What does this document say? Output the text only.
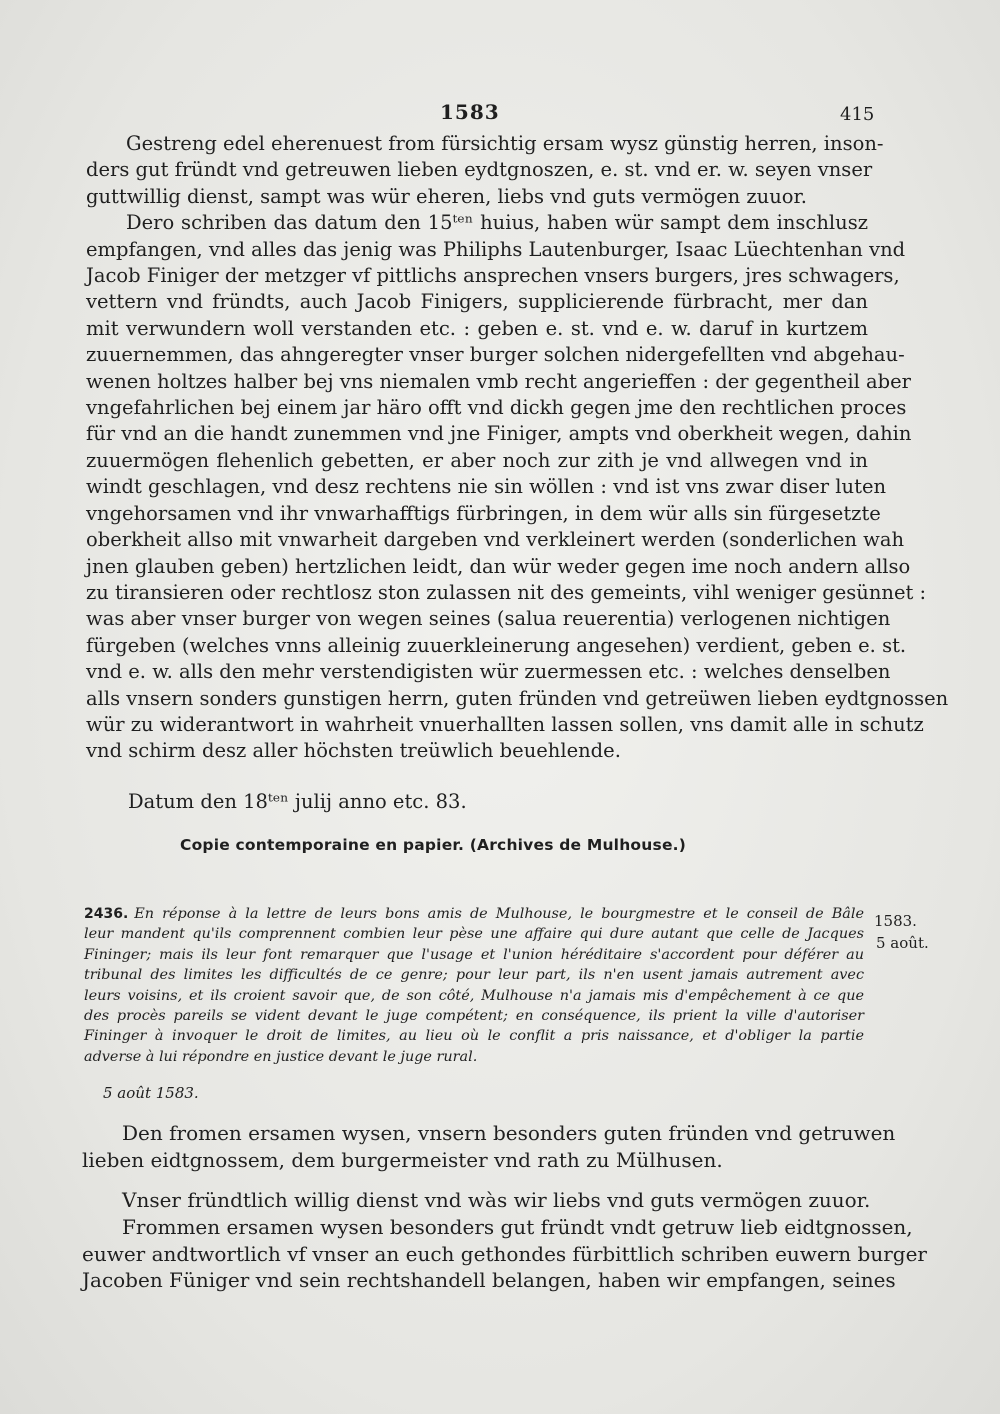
1583	415
Gestreng edel eherenuest from fürsichtig ersam wysz günstig herren, inson-
ders gut fründt vnd getreuwen lieben eydtgnoszen, e. st. vnd er. w. seyen vnser
guttwillig dienst, sampt was wür eheren, liebs vnd guts vermögen zuuor.
Dero schriben das datum den 15ᵗᵉⁿ huius, haben wür sampt dem inschlusz
empfangen, vnd alles das jenig was Philiphs Lautenburger, Isaac Lüechtenhan vnd
Jacob Finiger der metzger vf pittlichs ansprechen vnsers burgers, jres schwagers,
vettern vnd fründts, auch Jacob Finigers, supplicierende fürbracht, mer dan
mit verwundern woll verstanden etc. : geben e. st. vnd e. w. daruf in kurtzem
zuuernemmen, das ahngeregter vnser burger solchen nidergefellten vnd abgehau-
wenen holtzes halber bej vns niemalen vmb recht angerieffen : der gegentheil aber
vngefahrlichen bej einem jar häro offt vnd dickh gegen jme den rechtlichen proces
für vnd an die handt zunemmen vnd jne Finiger, ampts vnd oberkheit wegen, dahin
zuuermögen flehenlich gebetten, er aber noch zur zith je vnd allwegen vnd in
windt geschlagen, vnd desz rechtens nie sin wöllen : vnd ist vns zwar diser luten
vngehorsamen vnd ihr vnwarhafftigs fürbringen, in dem wür alls sin fürgesetzte
oberkheit allso mit vnwarheit dargeben vnd verkleinert werden (sonderlichen wah
jnen glauben geben) hertzlichen leidt, dan wür weder gegen ime noch andern allso
zu tiransieren oder rechtlosz ston zulassen nit des gemeints, vihl weniger gesünnet :
was aber vnser burger von wegen seines (salua reuerentia) verlogenen nichtigen
fürgeben (welches vnns alleinig zuuerkleinerung angesehen) verdient, geben e. st.
vnd e. w. alls den mehr verstendigisten wür zuermessen etc. : welches denselben
alls vnsern sonders gunstigen herrn, guten fründen vnd getreüwen lieben eydtgnossen
wür zu widerantwort in wahrheit vnuerhallten lassen sollen, vns damit alle in schutz
vnd schirm desz aller höchsten treüwlich beuehlende.
Datum den 18ᵗᵉⁿ julij anno etc. 83.
Copie contemporaine en papier. (Archives de Mulhouse.)
2436. En réponse à la lettre de leurs bons amis de Mulhouse, le bourgmestre et le conseil de Bâle
leur mandent qu'ils comprennent combien leur pèse une affaire qui dure autant que celle de Jacques
Fininger; mais ils leur font remarquer que l'usage et l'union héréditaire s'accordent pour déférer au
tribunal des limites les difficultés de ce genre; pour leur part, ils n'en usent jamais autrement avec
leurs voisins, et ils croient savoir que, de son côté, Mulhouse n'a jamais mis d'empêchement à ce que
des procès pareils se vident devant le juge compétent; en conséquence, ils prient la ville d'autoriser
Fininger à invoquer le droit de limites, au lieu où le conflit a pris naissance, et d'obliger la partie
adverse à lui répondre en justice devant le juge rural.
1583.
5 août.
5 août 1583.
Den fromen ersamen wysen, vnsern besonders guten fründen vnd getruwen
lieben eidtgnossem, dem burgermeister vnd rath zu Mülhusen.
Vnser fründtlich willig dienst vnd wàs wir liebs vnd guts vermögen zuuor.
Frommen ersamen wysen besonders gut fründt vndt getruw lieb eidtgnossen,
euwer andtwortlich vf vnser an euch gethondes fürbittlich schriben euwern burger
Jacoben Füniger vnd sein rechtshandell belangen, haben wir empfangen, seines
